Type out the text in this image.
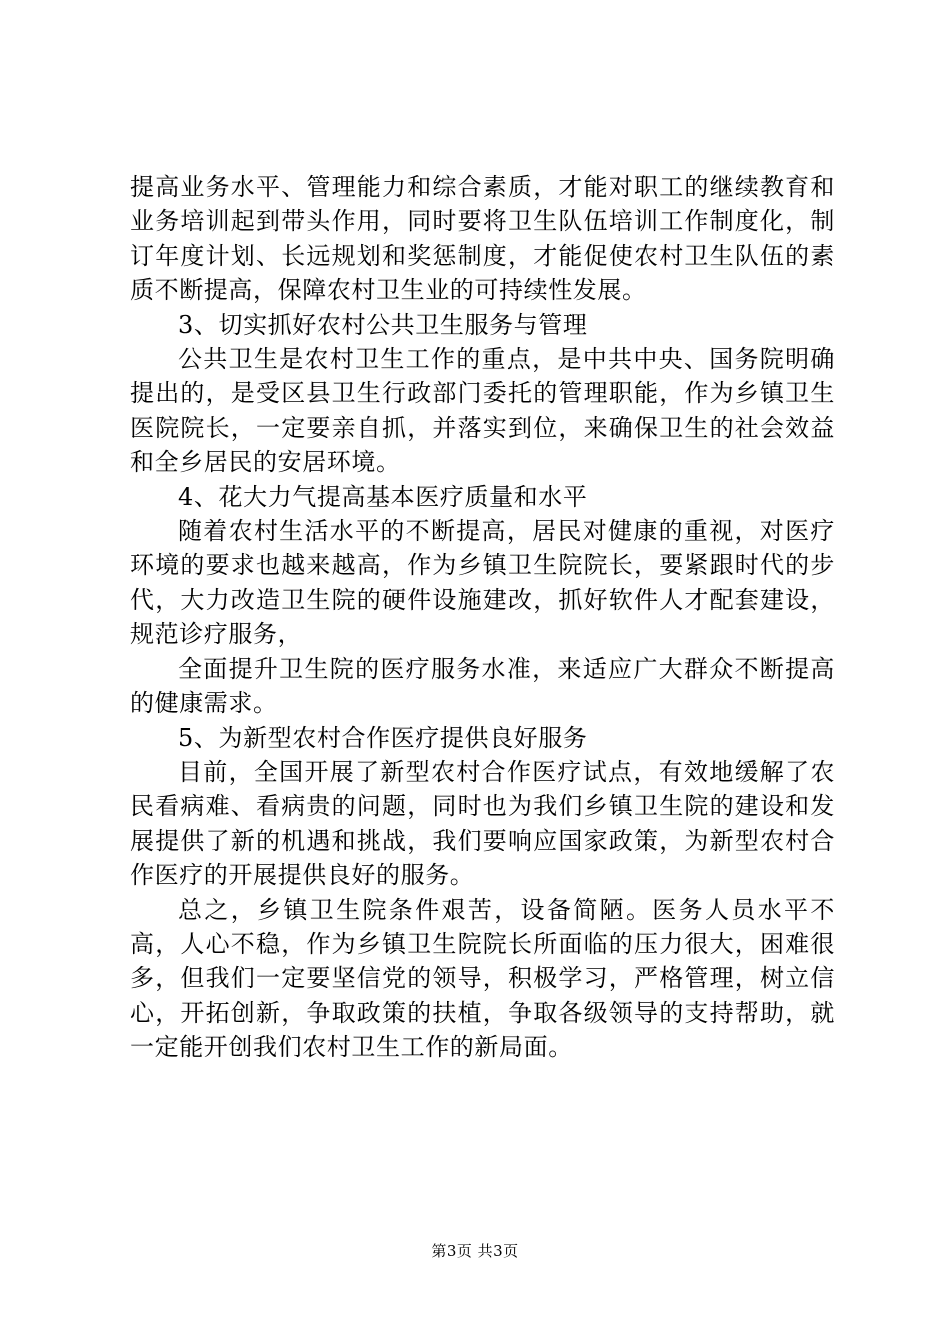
提高业务水平、管理能力和综合素质，才能对职工的继续教育和业务培训起到带头作用，同时要将卫生队伍培训工作制度化，制订年度计划、长远规划和奖惩制度，才能促使农村卫生队伍的素质不断提高，保障农村卫生业的可持续性发展。

3、切实抓好农村公共卫生服务与管理

公共卫生是农村卫生工作的重点，是中共中央、国务院明确提出的，是受区县卫生行政部门委托的管理职能，作为乡镇卫生医院院长，一定要亲自抓，并落实到位，来确保卫生的社会效益和全乡居民的安居环境。

4、花大力气提高基本医疗质量和水平

随着农村生活水平的不断提高，居民对健康的重视，对医疗环境的要求也越来越高，作为乡镇卫生院院长，要紧跟时代的步代，大力改造卫生院的硬件设施建改，抓好软件人才配套建设，规范诊疗服务，

全面提升卫生院的医疗服务水准，来适应广大群众不断提高的健康需求。

5、为新型农村合作医疗提供良好服务

目前，全国开展了新型农村合作医疗试点，有效地缓解了农民看病难、看病贵的问题，同时也为我们乡镇卫生院的建设和发展提供了新的机遇和挑战，我们要响应国家政策，为新型农村合作医疗的开展提供良好的服务。

总之，乡镇卫生院条件艰苦，设备简陋。医务人员水平不高，人心不稳，作为乡镇卫生院院长所面临的压力很大，困难很多，但我们一定要坚信党的领导，积极学习，严格管理，树立信心，开拓创新，争取政策的扶植，争取各级领导的支持帮助，就一定能开创我们农村卫生工作的新局面。

第3页 共3页
